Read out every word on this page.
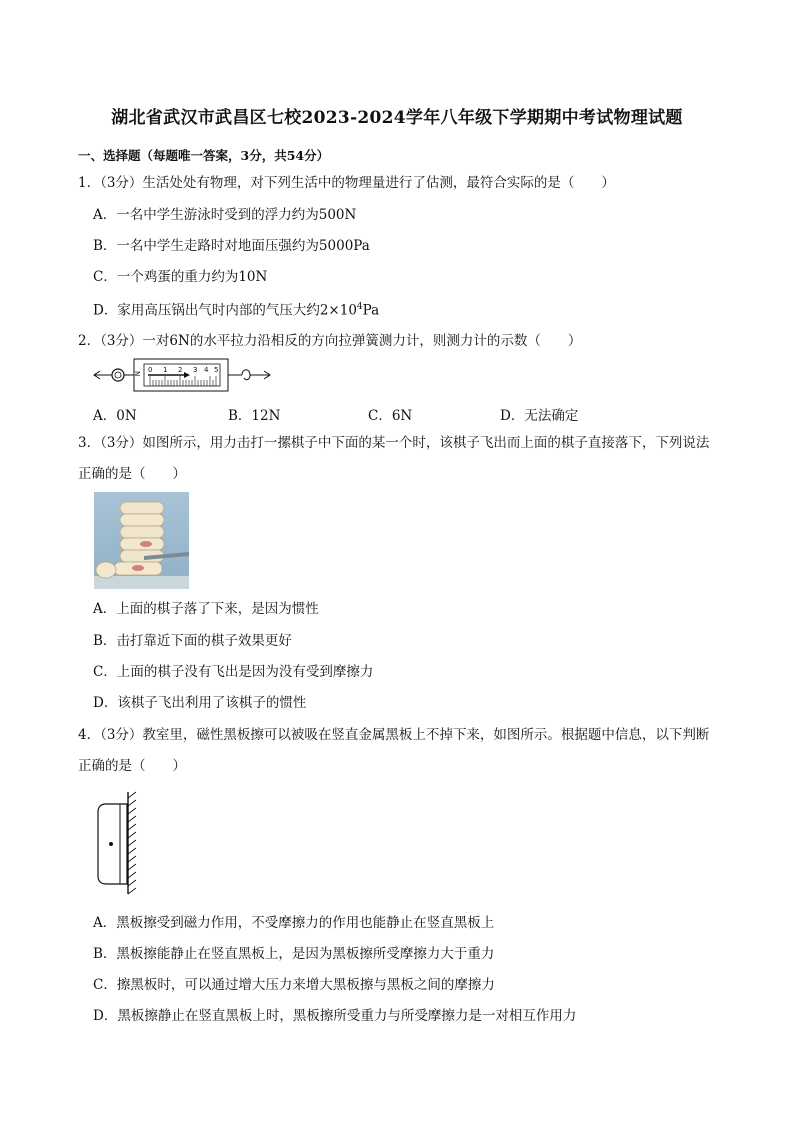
湖北省武汉市武昌区七校2023-2024学年八年级下学期期中考试物理试题
一、选择题（每题唯一答案，3分，共54分）
1．（3分）生活处处有物理，对下列生活中的物理量进行了估测，最符合实际的是（　　）
A．一名中学生游泳时受到的浮力约为500N
B．一名中学生走路时对地面压强约为5000Pa
C．一个鸡蛋的重力约为10N
D．家用高压锅出气时内部的气压大约$2\times 10^4Pa$
2．（3分）一对6N的水平拉力沿相反的方向拉弹簧测力计，则测力计的示数（　　）
N 0 1 2 3 4 5
A．0N	B．12N	C．6N	D．无法确定
3．（3分）如图所示，用力击打一摞棋子中下面的某一个时，该棋子飞出而上面的棋子直接落下，下列说法正确的是（　　）
A．上面的棋子落了下来，是因为惯性
B．击打靠近下面的棋子效果更好
C．上面的棋子没有飞出是因为没有受到摩擦力
D．该棋子飞出利用了该棋子的惯性
4．（3分）教室里，磁性黑板擦可以被吸在竖直金属黑板上不掉下来，如图所示。根据题中信息，以下判断正确的是（　　）
A．黑板擦受到磁力作用，不受摩擦力的作用也能静止在竖直黑板上
B．黑板擦能静止在竖直黑板上，是因为黑板擦所受摩擦力大于重力
C．擦黑板时，可以通过增大压力来增大黑板擦与黑板之间的摩擦力
D．黑板擦静止在竖直黑板上时，黑板擦所受重力与所受摩擦力是一对相互作用力
